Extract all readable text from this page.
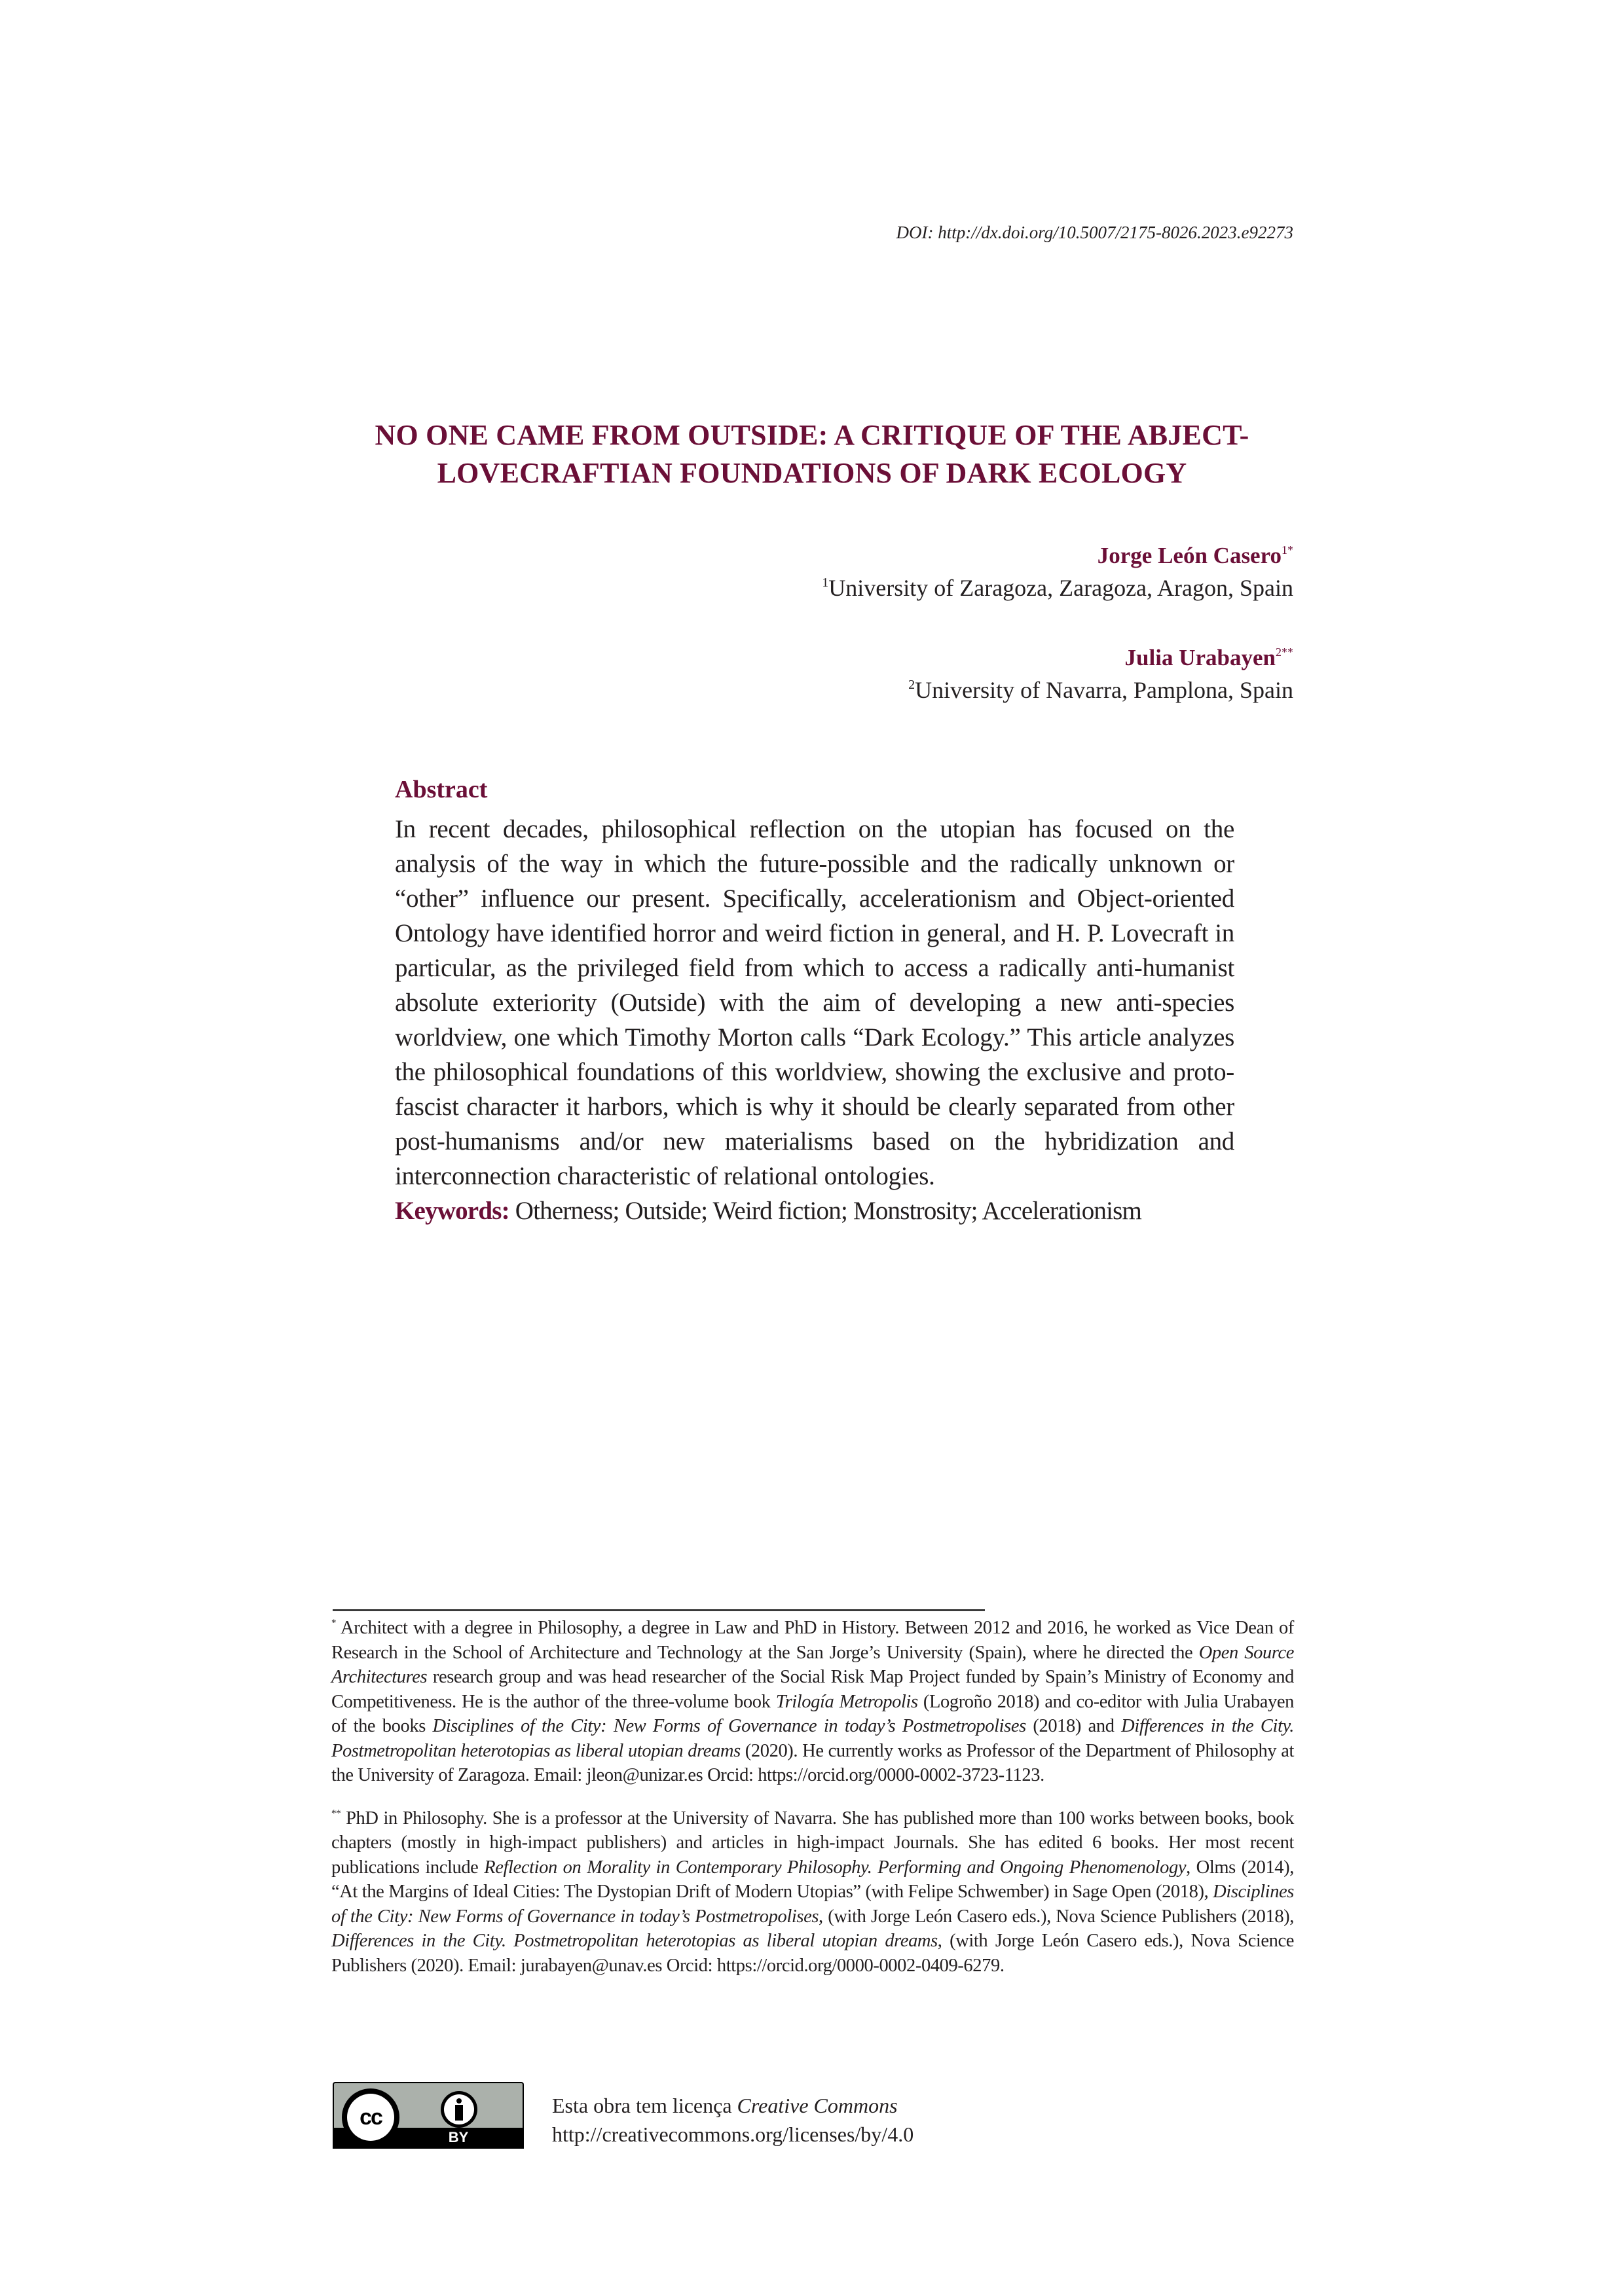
DOI: http://dx.doi.org/10.5007/2175-8026.2023.e92273
NO ONE CAME FROM OUTSIDE: A CRITIQUE OF THE ABJECT-
LOVECRAFTIAN FOUNDATIONS OF DARK ECOLOGY
Jorge León Casero$^{1*}$
$^1$University of Zaragoza, Zaragoza, Aragon, Spain
Julia Urabayen$^{2**}$
$^2$University of Navarra, Pamplona, Spain
Abstract
In recent decades, philosophical reflection on the utopian has focused on the analysis of the way in which the future-possible and the radically unknown or “other” influence our present. Specifically, accelerationism and Object-oriented Ontology have identified horror and weird fiction in general, and H. P. Lovecraft in particular, as the privileged field from which to access a radically anti-humanist absolute exteriority (Outside) with the aim of developing a new anti-species worldview, one which Timothy Morton calls “Dark Ecology.” This article analyzes the philosophical foundations of this worldview, showing the exclusive and proto-fascist character it harbors, which is why it should be clearly separated from other post-humanisms and/or new materialisms based on the hybridization and interconnection characteristic of relational ontologies.
Keywords: Otherness; Outside; Weird fiction; Monstrosity; Accelerationism

* Architect with a degree in Philosophy, a degree in Law and PhD in History. Between 2012 and 2016, he worked as Vice Dean of Research in the School of Architecture and Technology at the San Jorge’s University (Spain), where he directed the Open Source Architectures research group and was head researcher of the Social Risk Map Project funded by Spain’s Ministry of Economy and Competitiveness. He is the author of the three-volume book Trilogía Metropolis (Logroño 2018) and co-editor with Julia Urabayen of the books Disciplines of the City: New Forms of Governance in today’s Postmetropolises (2018) and Differences in the City. Postmetropolitan heterotopias as liberal utopian dreams (2020). He currently works as Professor of the Department of Philosophy at the University of Zaragoza. Email: jleon@unizar.es Orcid: https://orcid.org/0000-0002-3723-1123.

** PhD in Philosophy. She is a professor at the University of Navarra. She has published more than 100 works between books, book chapters (mostly in high-impact publishers) and articles in high-impact Journals. She has edited 6 books. Her most recent publications include Reflection on Morality in Contemporary Philosophy. Performing and Ongoing Phenomenology, Olms (2014), “At the Margins of Ideal Cities: The Dystopian Drift of Modern Utopias” (with Felipe Schwember) in Sage Open (2018), Disciplines of the City: New Forms of Governance in today’s Postmetropolises, (with Jorge León Casero eds.), Nova Science Publishers (2018), Differences in the City. Postmetropolitan heterotopias as liberal utopian dreams, (with Jorge León Casero eds.), Nova Science Publishers (2020). Email: jurabayen@unav.es Orcid: https://orcid.org/0000-0002-0409-6279.

cc
BY
Esta obra tem licença Creative Commons
http://creativecommons.org/licenses/by/4.0
